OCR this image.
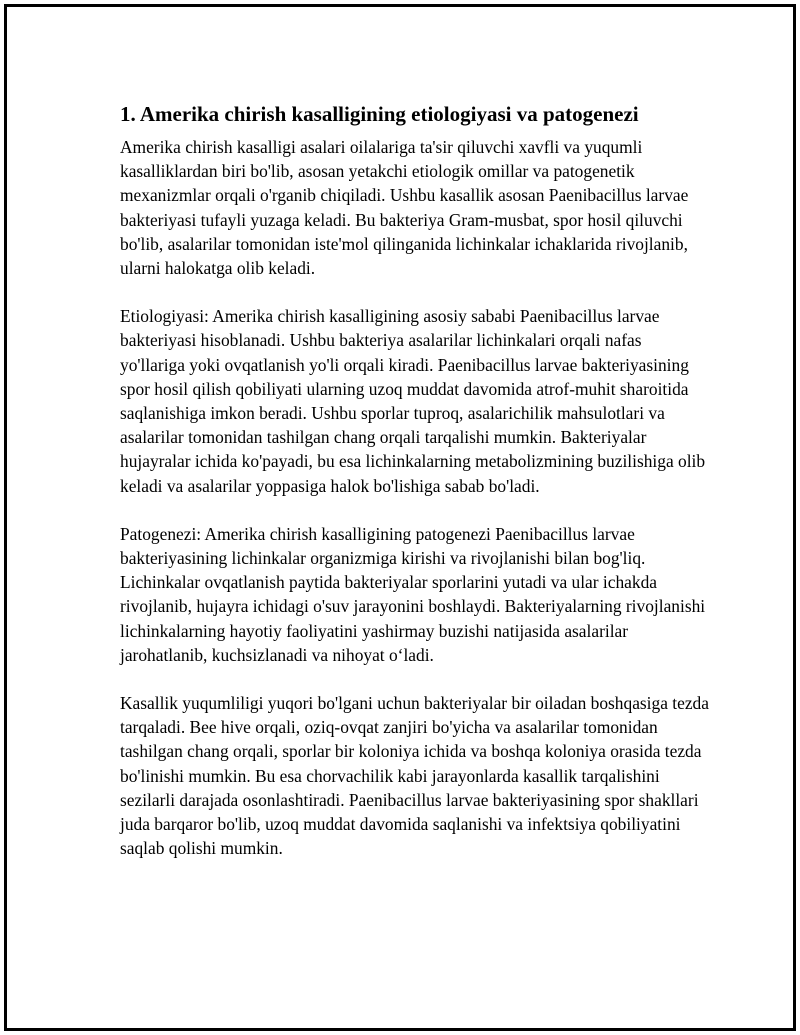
1. Amerika chirish kasalligining etiologiyasi va patogenezi

Amerika chirish kasalligi asalari oilalariga ta'sir qiluvchi xavfli va yuqumli kasalliklardan biri bo'lib, asosan yetakchi etiologik omillar va patogenetik mexanizmlar orqali o'rganib chiqiladi. Ushbu kasallik asosan Paenibacillus larvae bakteriyasi tufayli yuzaga keladi. Bu bakteriya Gram-musbat, spor hosil qiluvchi bo'lib, asalarilar tomonidan iste'mol qilinganida lichinkalar ichaklarida rivojlanib, ularni halokatga olib keladi.

Etiologiyasi: Amerika chirish kasalligining asosiy sababi Paenibacillus larvae bakteriyasi hisoblanadi. Ushbu bakteriya asalarilar lichinkalari orqali nafas yo'llariga yoki ovqatlanish yo'li orqali kiradi. Paenibacillus larvae bakteriyasining spor hosil qilish qobiliyati ularning uzoq muddat davomida atrof-muhit sharoitida saqlanishiga imkon beradi. Ushbu sporlar tuproq, asalarichilik mahsulotlari va asalarilar tomonidan tashilgan chang orqali tarqalishi mumkin. Bakteriyalar hujayralar ichida ko'payadi, bu esa lichinkalarning metabolizmining buzilishiga olib keladi va asalarilar yoppasiga halok bo'lishiga sabab bo'ladi.

Patogenezi: Amerika chirish kasalligining patogenezi Paenibacillus larvae bakteriyasining lichinkalar organizmiga kirishi va rivojlanishi bilan bog'liq. Lichinkalar ovqatlanish paytida bakteriyalar sporlarini yutadi va ular ichakda rivojlanib, hujayra ichidagi o'suv jarayonini boshlaydi. Bakteriyalarning rivojlanishi lichinkalarning hayotiy faoliyatini yashirmay buzishi natijasida asalarilar jarohatlanib, kuchsizlanadi va nihoyat o‘ladi.

Kasallik yuqumliligi yuqori bo'lgani uchun bakteriyalar bir oiladan boshqasiga tezda tarqaladi. Bee hive orqali, oziq-ovqat zanjiri bo'yicha va asalarilar tomonidan tashilgan chang orqali, sporlar bir koloniya ichida va boshqa koloniya orasida tezda bo'linishi mumkin. Bu esa chorvachilik kabi jarayonlarda kasallik tarqalishini sezilarli darajada osonlashtiradi. Paenibacillus larvae bakteriyasining spor shakllari juda barqaror bo'lib, uzoq muddat davomida saqlanishi va infektsiya qobiliyatini saqlab qolishi mumkin.
